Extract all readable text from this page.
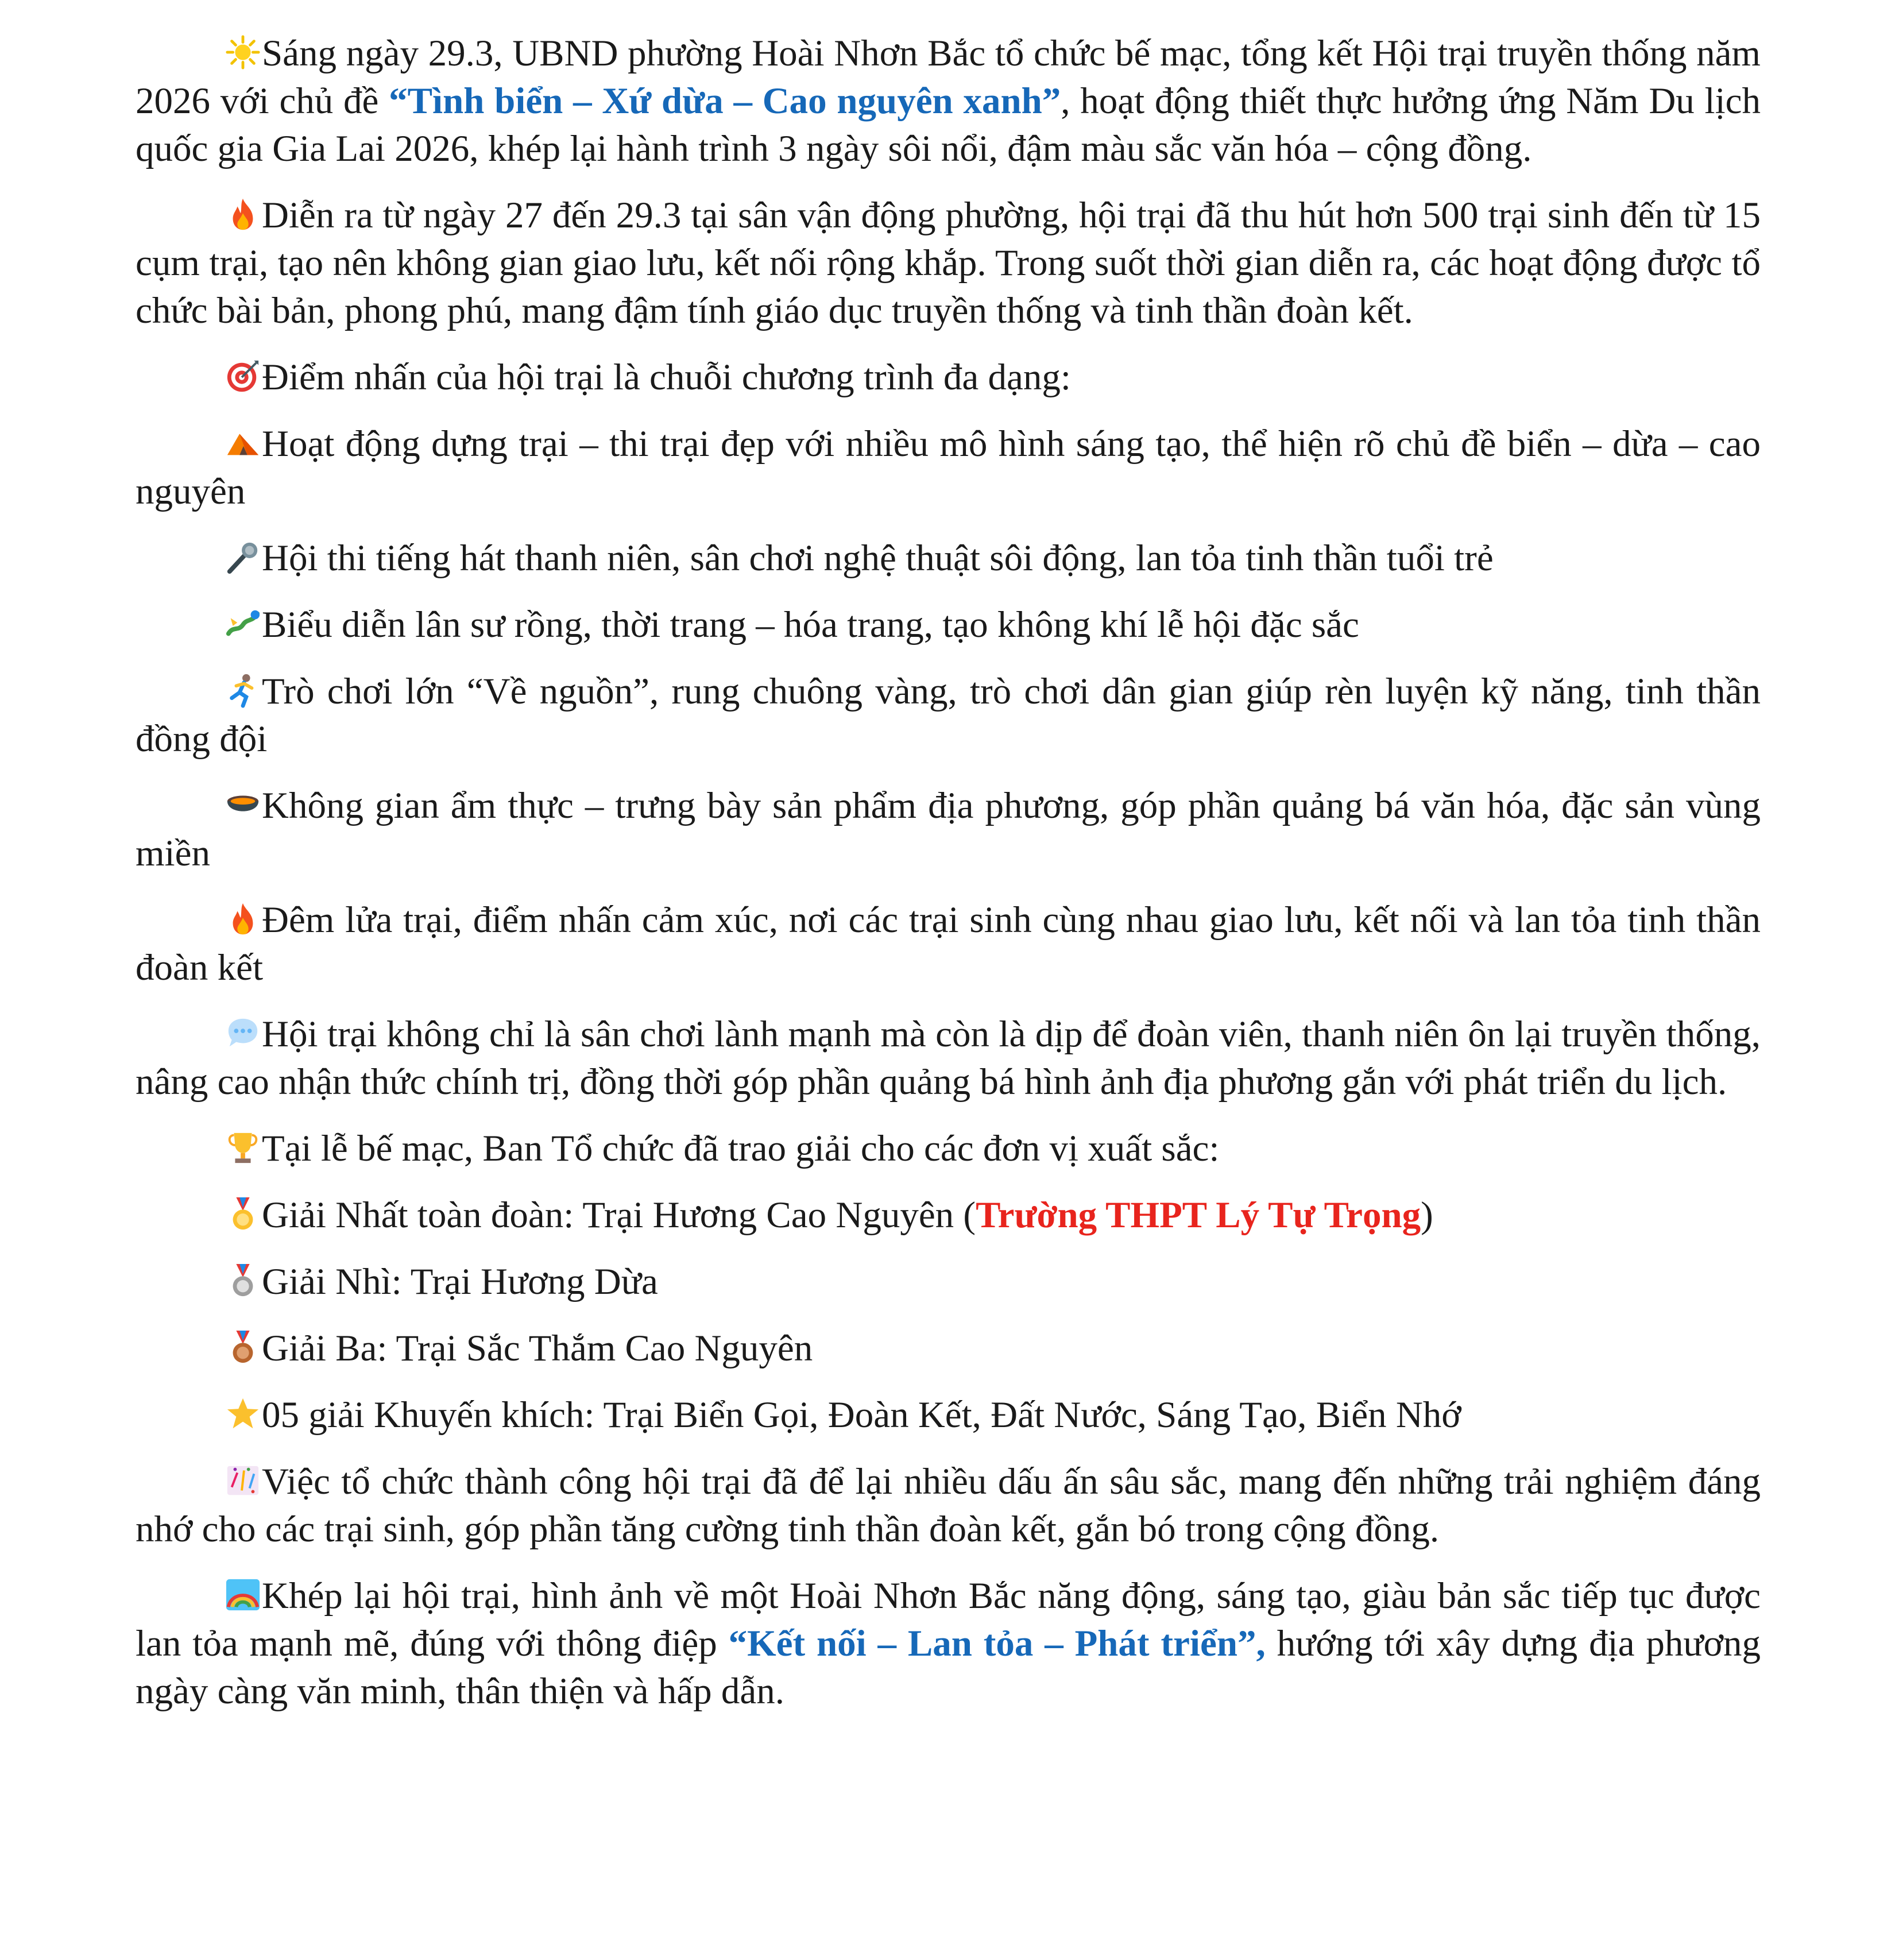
Sáng ngày 29.3, UBND phường Hoài Nhơn Bắc tổ chức bế mạc, tổng kết Hội trại truyền thống năm 2026 với chủ đề “Tình biển – Xứ dừa – Cao nguyên xanh”, hoạt động thiết thực hưởng ứng Năm Du lịch quốc gia Gia Lai 2026, khép lại hành trình 3 ngày sôi nổi, đậm màu sắc văn hóa – cộng đồng.

Diễn ra từ ngày 27 đến 29.3 tại sân vận động phường, hội trại đã thu hút hơn 500 trại sinh đến từ 15 cụm trại, tạo nên không gian giao lưu, kết nối rộng khắp. Trong suốt thời gian diễn ra, các hoạt động được tổ chức bài bản, phong phú, mang đậm tính giáo dục truyền thống và tinh thần đoàn kết.

Điểm nhấn của hội trại là chuỗi chương trình đa dạng:

Hoạt động dựng trại – thi trại đẹp với nhiều mô hình sáng tạo, thể hiện rõ chủ đề biển – dừa – cao nguyên

Hội thi tiếng hát thanh niên, sân chơi nghệ thuật sôi động, lan tỏa tinh thần tuổi trẻ

Biểu diễn lân sư rồng, thời trang – hóa trang, tạo không khí lễ hội đặc sắc

Trò chơi lớn “Về nguồn”, rung chuông vàng, trò chơi dân gian giúp rèn luyện kỹ năng, tinh thần đồng đội

Không gian ẩm thực – trưng bày sản phẩm địa phương, góp phần quảng bá văn hóa, đặc sản vùng miền

Đêm lửa trại, điểm nhấn cảm xúc, nơi các trại sinh cùng nhau giao lưu, kết nối và lan tỏa tinh thần đoàn kết

Hội trại không chỉ là sân chơi lành mạnh mà còn là dịp để đoàn viên, thanh niên ôn lại truyền thống, nâng cao nhận thức chính trị, đồng thời góp phần quảng bá hình ảnh địa phương gắn với phát triển du lịch.

Tại lễ bế mạc, Ban Tổ chức đã trao giải cho các đơn vị xuất sắc:

Giải Nhất toàn đoàn: Trại Hương Cao Nguyên (Trường THPT Lý Tự Trọng)

Giải Nhì: Trại Hương Dừa

Giải Ba: Trại Sắc Thắm Cao Nguyên

05 giải Khuyến khích: Trại Biển Gọi, Đoàn Kết, Đất Nước, Sáng Tạo, Biển Nhớ

Việc tổ chức thành công hội trại đã để lại nhiều dấu ấn sâu sắc, mang đến những trải nghiệm đáng nhớ cho các trại sinh, góp phần tăng cường tinh thần đoàn kết, gắn bó trong cộng đồng.

Khép lại hội trại, hình ảnh về một Hoài Nhơn Bắc năng động, sáng tạo, giàu bản sắc tiếp tục được lan tỏa mạnh mẽ, đúng với thông điệp “Kết nối – Lan tỏa – Phát triển”, hướng tới xây dựng địa phương ngày càng văn minh, thân thiện và hấp dẫn.
